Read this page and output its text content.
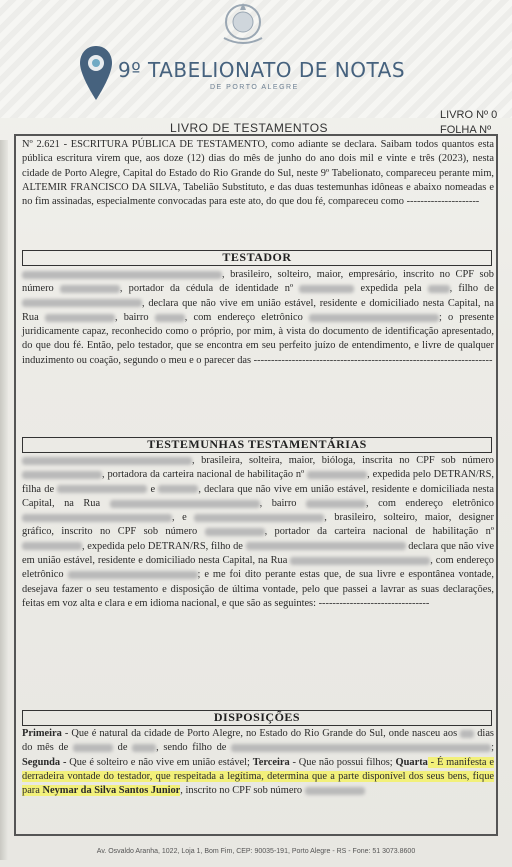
9º TABELIONATO DE NOTAS
DE PORTO ALEGRE
LIVRO DE TESTAMENTOS
LIVRO Nº 0
FOLHA Nº
Nº 2.621 - ESCRITURA PÚBLICA DE TESTAMENTO, como adiante se declara. Saibam todos quantos esta pública escritura virem que, aos doze (12) dias do mês de junho do ano dois mil e vinte e três (2023), nesta cidade de Porto Alegre, Capital do Estado do Rio Grande do Sul, neste 9º Tabelionato, compareceu perante mim, ALTEMIR FRANCISCO DA SILVA, Tabelião Substituto, e das duas testemunhas idôneas e abaixo nomeadas e no fim assinadas, especialmente convocadas para este ato, do que dou fé, compareceu como ---------------------
TESTADOR
, brasileiro, solteiro, maior, empresário, inscrito no CPF sob número	, portador da cédula de identidade nº	expedida pela	, filho de , declara que não vive em união estável, residente e domiciliado nesta Capital, na Rua	, bairro	, com endereço eletrônico	; o presente juridicamente capaz, reconhecido como o próprio, por mim, à vista do documento de identificação apresentado, do que dou fé. Então, pelo testador, que se encontra em seu perfeito juízo de entendimento, e livre de qualquer induzimento ou coação, segundo o meu e o parecer das ---------------------------------------------------------------------
TESTEMUNHAS TESTAMENTÁRIAS
, brasileira, solteira, maior, bióloga, inscrita no CPF sob número , portadora da carteira nacional de habilitação nº	, expedida pelo DETRAN/RS, filha de	e	, declara que não vive em união estável, residente e domiciliada nesta Capital, na Rua	, bairro	, com endereço eletrônico , e	, brasileiro, solteiro, maior, designer gráfico, inscrito no CPF sob número	, portador da carteira nacional de habilitação nº , expedida pelo DETRAN/RS, filho de	declara que não vive em união estável, residente e domiciliado nesta Capital, na Rua	, com endereço eletrônico	; e me foi dito perante estas que, de sua livre e espontânea vontade, desejava fazer o seu testamento e disposição de última vontade, pelo que passei a lavrar as suas declarações, feitas em voz alta e clara e em idioma nacional, e que são as seguintes: --------------------------------
DISPOSIÇÕES
Primeira - Que é natural da cidade de Porto Alegre, no Estado do Rio Grande do Sul, onde nasceu aos dias do mês de	de	, sendo filho de	; Segunda - Que é solteiro e não vive em união estável; Terceira - Que não possui filhos; Quarta - É manifesta e derradeira vontade do testador, que respeitada a legítima, determina que a parte disponível dos seus bens, fique para Neymar da Silva Santos Junior, inscrito no CPF sob número
Av. Osvaldo Aranha, 1022, Loja 1, Bom Fim, CEP: 90035-191, Porto Alegre - RS - Fone: 51 3073.8600
